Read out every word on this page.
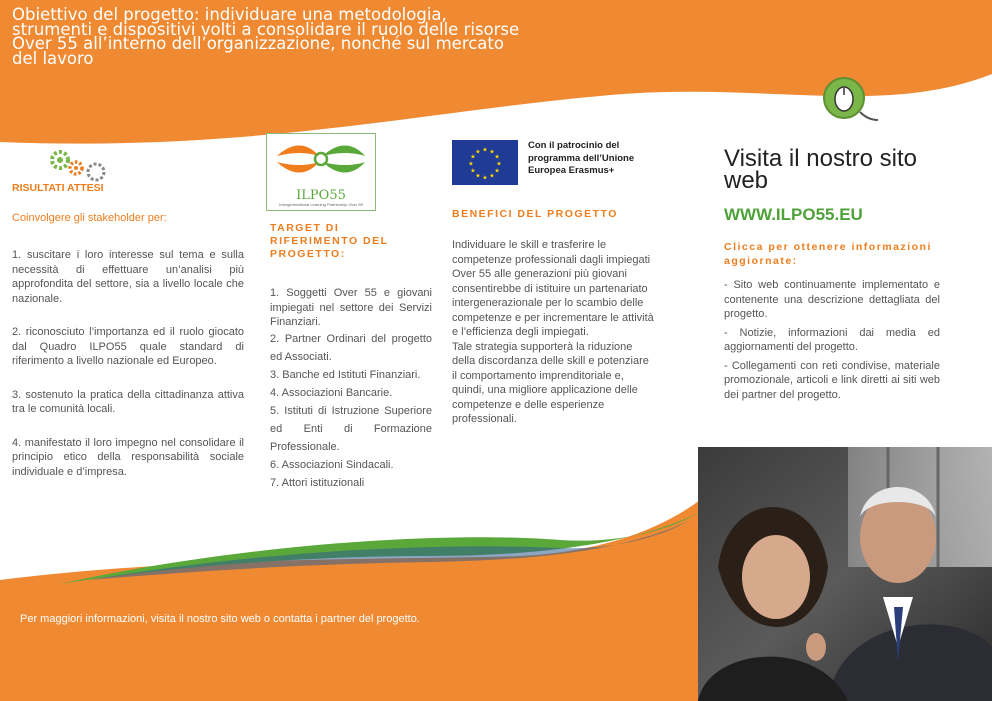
Obiettivo del progetto: individuare una metodologia,
strumenti e dispositivi volti a consolidare il ruolo delle risorse
Over 55 all’interno dell’organizzazione, nonché sul mercato
del lavoro
RISULTATI ATTESI
Coinvolgere gli stakeholder per:

1. suscitare i loro interesse sul tema e sulla necessità di effettuare un’analisi più approfondita del settore, sia a livello locale che nazionale.

2. riconosciuto l’importanza ed il ruolo giocato dal Quadro ILPO55 quale standard di riferimento a livello nazionale ed Europeo.

3. sostenuto la pratica della cittadinanza attiva tra le comunità locali.

4. manifestato il loro impegno nel consolidare il principio etico della responsabilità sociale individuale e d’impresa.

ILPO55
Intergenerational Learning Partnership Over 55
TARGET DI
RIFERIMENTO DEL
PROGETTO:

1. Soggetti Over 55 e giovani impiegati nel settore dei Servizi Finanziari.

2. Partner Ordinari del progetto ed Associati.

3. Banche ed Istituti Finanziari.

4. Associazioni Bancarie.

5. Istituti di Istruzione Superiore ed Enti di Formazione Professionale.

6. Associazioni Sindacali.

7. Attori istituzionali

★
★
★
★
★
★
★
★
★ ★ ★
★
Con il patrocinio del programma dell’Unione Europea Erasmus+
BENEFICI DEL PROGETTO

Individuare le skill e trasferire le competenze professionali dagli impiegati Over 55 alle generazioni più giovani consentirebbe di istituire un partenariato intergenerazionale per lo scambio delle competenze e per incrementare le attività e l’efficienza degli impiegati.

Tale strategia supporterà la riduzione della discordanza delle skill e potenziare il comportamento imprenditoriale e, quindi, una migliore applicazione delle competenze e delle esperienze professionali.

Visita il nostro sito web
WWW.ILPO55.EU
Clicca per ottenere informazioni aggiornate:

- Sito web continuamente implementato e contenente una descrizione dettagliata del progetto.

- Notizie, informazioni dai media ed aggiornamenti del progetto.

- Collegamenti con reti condivise, materiale promozionale, articoli e link diretti ai siti web dei partner del progetto.

Per maggiori informazioni, visita il nostro sito web o contatta i partner del progetto.
